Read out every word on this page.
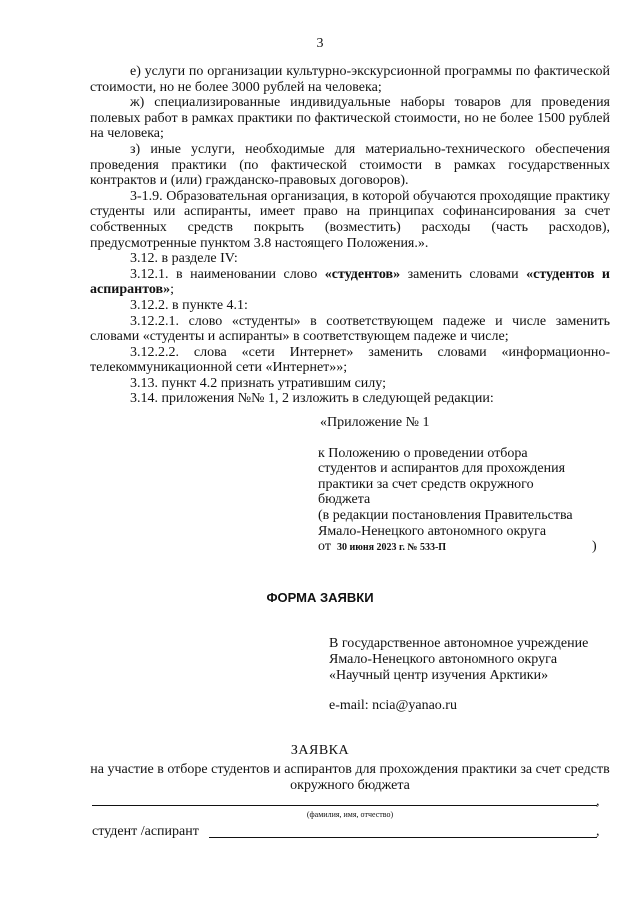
3

е) услуги по организации культурно-экскурсионной программы по фактической стоимости, но не более 3000 рублей на человека;

ж) специализированные индивидуальные наборы товаров для проведения полевых работ в рамках практики по фактической стоимости, но не более 1500 рублей на человека;

з) иные услуги, необходимые для материально-технического обеспечения проведения практики (по фактической стоимости в рамках государственных контрактов и (или) гражданско-правовых договоров).

3-1.9. Образовательная организация, в которой обучаются проходящие практику студенты или аспиранты, имеет право на принципах софинансирования за счет собственных средств покрыть (возместить) расходы (часть расходов), предусмотренные пунктом 3.8 настоящего Положения.».

3.12. в разделе IV:

3.12.1. в наименовании слово «студентов» заменить словами «студентов и аспирантов»;

3.12.2. в пункте 4.1:

3.12.2.1. слово «студенты» в соответствующем падеже и числе заменить словами «студенты и аспиранты» в соответствующем падеже и числе;

3.12.2.2. слова «сети Интернет» заменить словами «информационно-телекоммуникационной сети «Интернет»»;

3.13. пункт 4.2 признать утратившим силу;

3.14. приложения №№ 1, 2 изложить в следующей редакции:

«Приложение № 1

к Положению о проведении отбора

студентов и аспирантов для прохождения

практики за счет средств окружного

бюджета

(в редакции постановления Правительства

Ямало-Ненецкого автономного округа

от 30 июня 2023 г. № 533-П	)

ФОРМА ЗАЯВКИ

В государственное автономное учреждение

Ямало-Ненецкого автономного округа

«Научный центр изучения Арктики»

e-mail: ncia@yanao.ru
ЗАЯВКА
на участие в отборе студентов и аспирантов для прохождения практики за счет средств окружного бюджета
,
(фамилия, имя, отчество)
студент /аспирант	,
